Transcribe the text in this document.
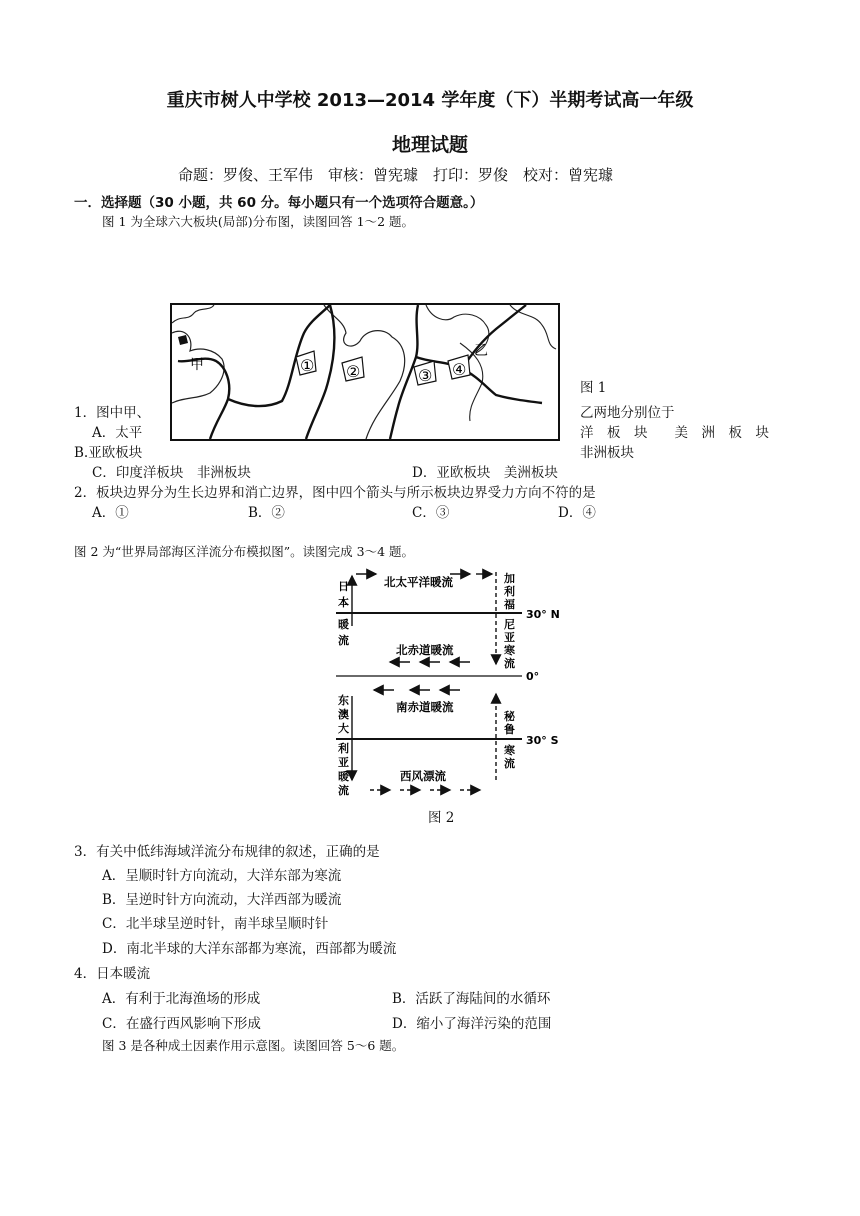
重庆市树人中学校 2013—2014 学年度（下）半期考试高一年级
地理试题
命题：罗俊、王军伟　审核：曾宪璩　打印：罗俊　校对：曾宪璩
一．选择题（30 小题，共 60 分。每小题只有一个选项符合题意。）
图 1 为全球六大板块(局部)分布图，读图回答 1～2 题。
甲
乙
① ②	③ ④
图 1
1．图中甲、	乙两地分别位于
A．太平	洋　板　块　　美　洲　板　块
B.亚欧板块	非洲板块
C．印度洋板块　非洲板块	D．亚欧板块　美洲板块
2．板块边界分为生长边界和消亡边界，图中四个箭头与所示板块边界受力方向不符的是
A．①	B．②	C．③	D．④
图 2 为“世界局部海区洋流分布模拟图”。读图完成 3～4 题。
30° N
0°
30° S
北太平洋暖流
日
本
暖
流
加
利
福
尼
亚
寒
流
北赤道暖流
南赤道暖流
东
澳
大
利
亚
暖
流
秘
鲁
寒
流
西风漂流
图 2
3．有关中低纬海域洋流分布规律的叙述，正确的是
A．呈顺时针方向流动，大洋东部为寒流
B．呈逆时针方向流动，大洋西部为暖流
C．北半球呈逆时针，南半球呈顺时针
D．南北半球的大洋东部都为寒流，西部都为暖流
4．日本暖流
A．有利于北海渔场的形成	B．活跃了海陆间的水循环
C．在盛行西风影响下形成	D．缩小了海洋污染的范围
图 3 是各种成土因素作用示意图。读图回答 5～6 题。
